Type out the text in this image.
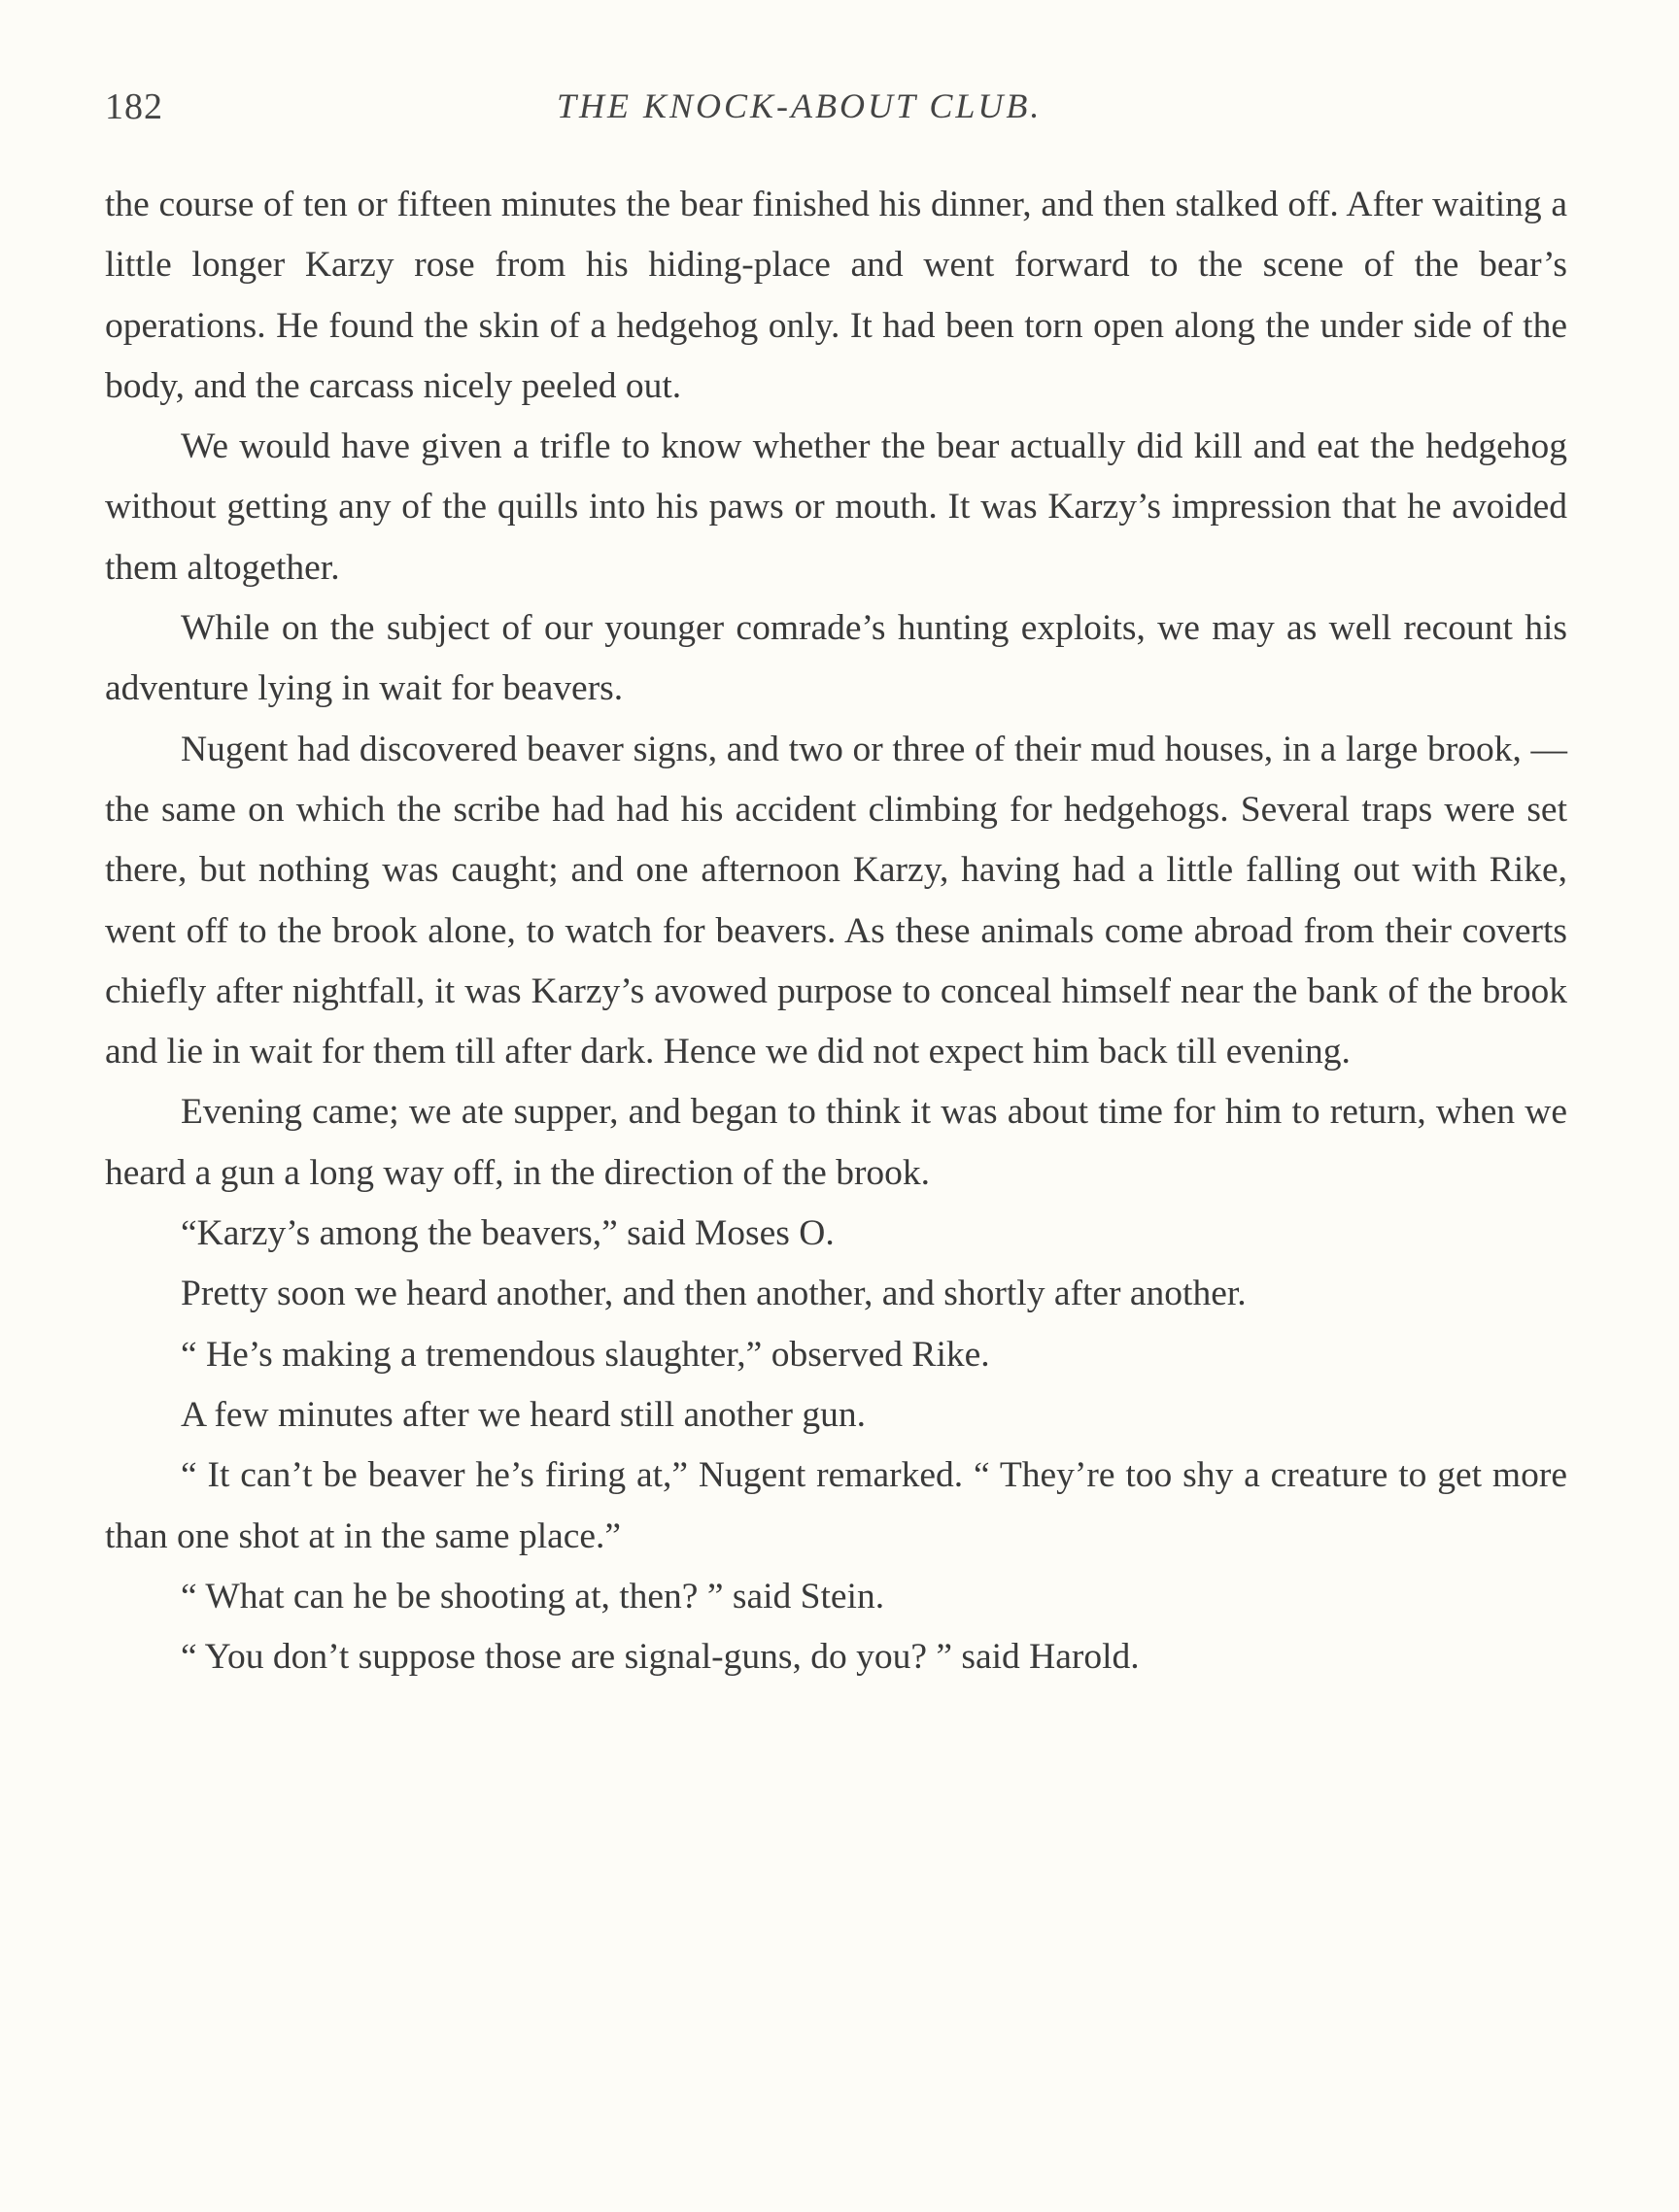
182	THE KNOCK-ABOUT CLUB.

the course of ten or fifteen minutes the bear finished his dinner, and then stalked off. After waiting a little longer Karzy rose from his hiding-place and went forward to the scene of the bear’s operations. He found the skin of a hedgehog only. It had been torn open along the under side of the body, and the carcass nicely peeled out.

We would have given a trifle to know whether the bear actually did kill and eat the hedgehog without getting any of the quills into his paws or mouth. It was Karzy’s impression that he avoided them altogether.

While on the subject of our younger comrade’s hunting exploits, we may as well recount his adventure lying in wait for beavers.

Nugent had discovered beaver signs, and two or three of their mud houses, in a large brook, — the same on which the scribe had had his accident climbing for hedgehogs. Several traps were set there, but nothing was caught; and one afternoon Karzy, having had a little falling out with Rike, went off to the brook alone, to watch for beavers. As these animals come abroad from their coverts chiefly after nightfall, it was Karzy’s avowed purpose to conceal himself near the bank of the brook and lie in wait for them till after dark. Hence we did not expect him back till evening.

Evening came; we ate supper, and began to think it was about time for him to return, when we heard a gun a long way off, in the direction of the brook.

“Karzy’s among the beavers,” said Moses O.

Pretty soon we heard another, and then another, and shortly after another.

“ He’s making a tremendous slaughter,” observed Rike.

A few minutes after we heard still another gun.

“ It can’t be beaver he’s firing at,” Nugent remarked. “ They’re too shy a creature to get more than one shot at in the same place.”

“ What can he be shooting at, then? ” said Stein.

“ You don’t suppose those are signal-guns, do you? ” said Harold.
